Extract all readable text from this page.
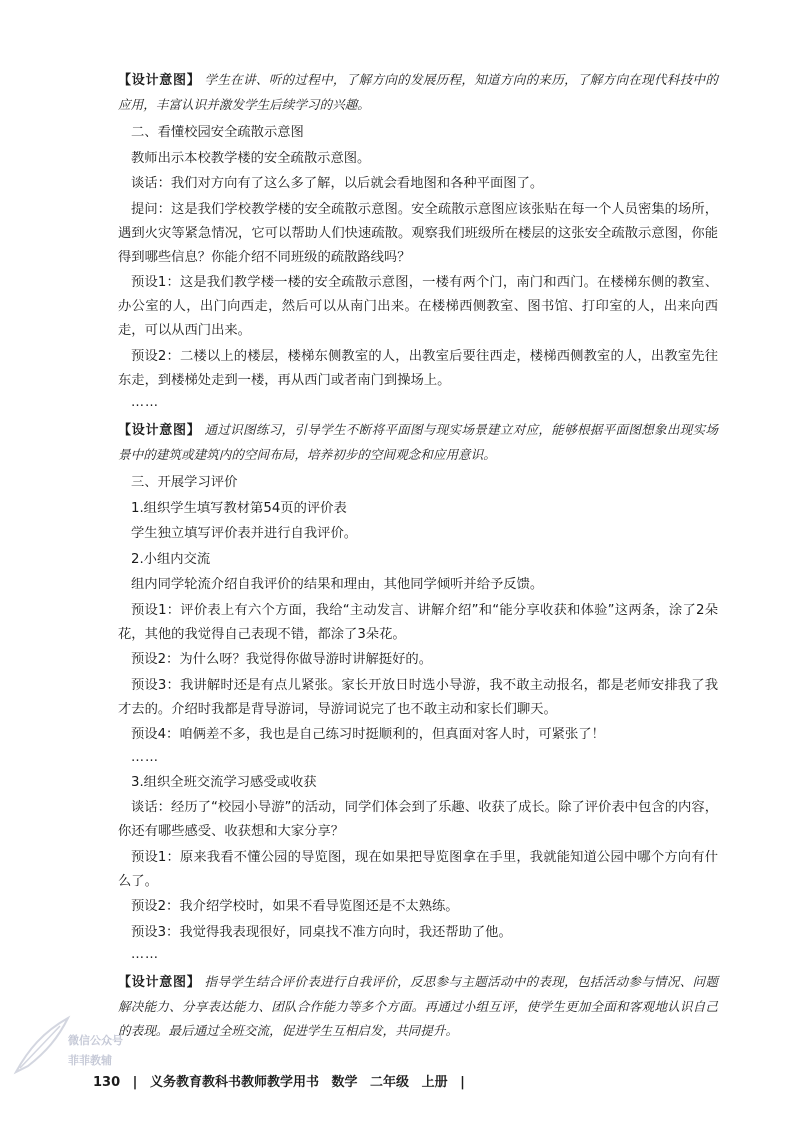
【设计意图】 学生在讲、听的过程中，了解方向的发展历程，知道方向的来历，了解方向在现代科技中的应用，丰富认识并激发学生后续学习的兴趣。
二、看懂校园安全疏散示意图
教师出示本校教学楼的安全疏散示意图。
谈话：我们对方向有了这么多了解，以后就会看地图和各种平面图了。
提问：这是我们学校教学楼的安全疏散示意图。安全疏散示意图应该张贴在每一个人员密集的场所，遇到火灾等紧急情况，它可以帮助人们快速疏散。观察我们班级所在楼层的这张安全疏散示意图，你能得到哪些信息？你能介绍不同班级的疏散路线吗？
预设1：这是我们教学楼一楼的安全疏散示意图，一楼有两个门，南门和西门。在楼梯东侧的教室、办公室的人，出门向西走，然后可以从南门出来。在楼梯西侧教室、图书馆、打印室的人，出来向西走，可以从西门出来。
预设2：二楼以上的楼层，楼梯东侧教室的人，出教室后要往西走，楼梯西侧教室的人，出教室先往东走，到楼梯处走到一楼，再从西门或者南门到操场上。
……
【设计意图】 通过识图练习，引导学生不断将平面图与现实场景建立对应，能够根据平面图想象出现实场景中的建筑或建筑内的空间布局，培养初步的空间观念和应用意识。
三、开展学习评价
1.组织学生填写教材第54页的评价表
学生独立填写评价表并进行自我评价。
2.小组内交流
组内同学轮流介绍自我评价的结果和理由，其他同学倾听并给予反馈。
预设1：评价表上有六个方面，我给“主动发言、讲解介绍”和“能分享收获和体验”这两条，涂了2朵花，其他的我觉得自己表现不错，都涂了3朵花。
预设2：为什么呀？我觉得你做导游时讲解挺好的。
预设3：我讲解时还是有点儿紧张。家长开放日时选小导游，我不敢主动报名，都是老师安排我了我才去的。介绍时我都是背导游词，导游词说完了也不敢主动和家长们聊天。
预设4：咱俩差不多，我也是自己练习时挺顺利的，但真面对客人时，可紧张了！
……
3.组织全班交流学习感受或收获
谈话：经历了“校园小导游”的活动，同学们体会到了乐趣、收获了成长。除了评价表中包含的内容，你还有哪些感受、收获想和大家分享？
预设1：原来我看不懂公园的导览图，现在如果把导览图拿在手里，我就能知道公园中哪个方向有什么了。
预设2：我介绍学校时，如果不看导览图还是不太熟练。
预设3：我觉得我表现很好，同桌找不准方向时，我还帮助了他。
……
【设计意图】 指导学生结合评价表进行自我评价，反思参与主题活动中的表现，包括活动参与情况、问题解决能力、分享表达能力、团队合作能力等多个方面。再通过小组互评，使学生更加全面和客观地认识自己的表现。最后通过全班交流，促进学生互相启发，共同提升。
微信公众号
菲菲教辅
130 | 义务教育教科书教师教学用书 数学 二年级 上册 |
